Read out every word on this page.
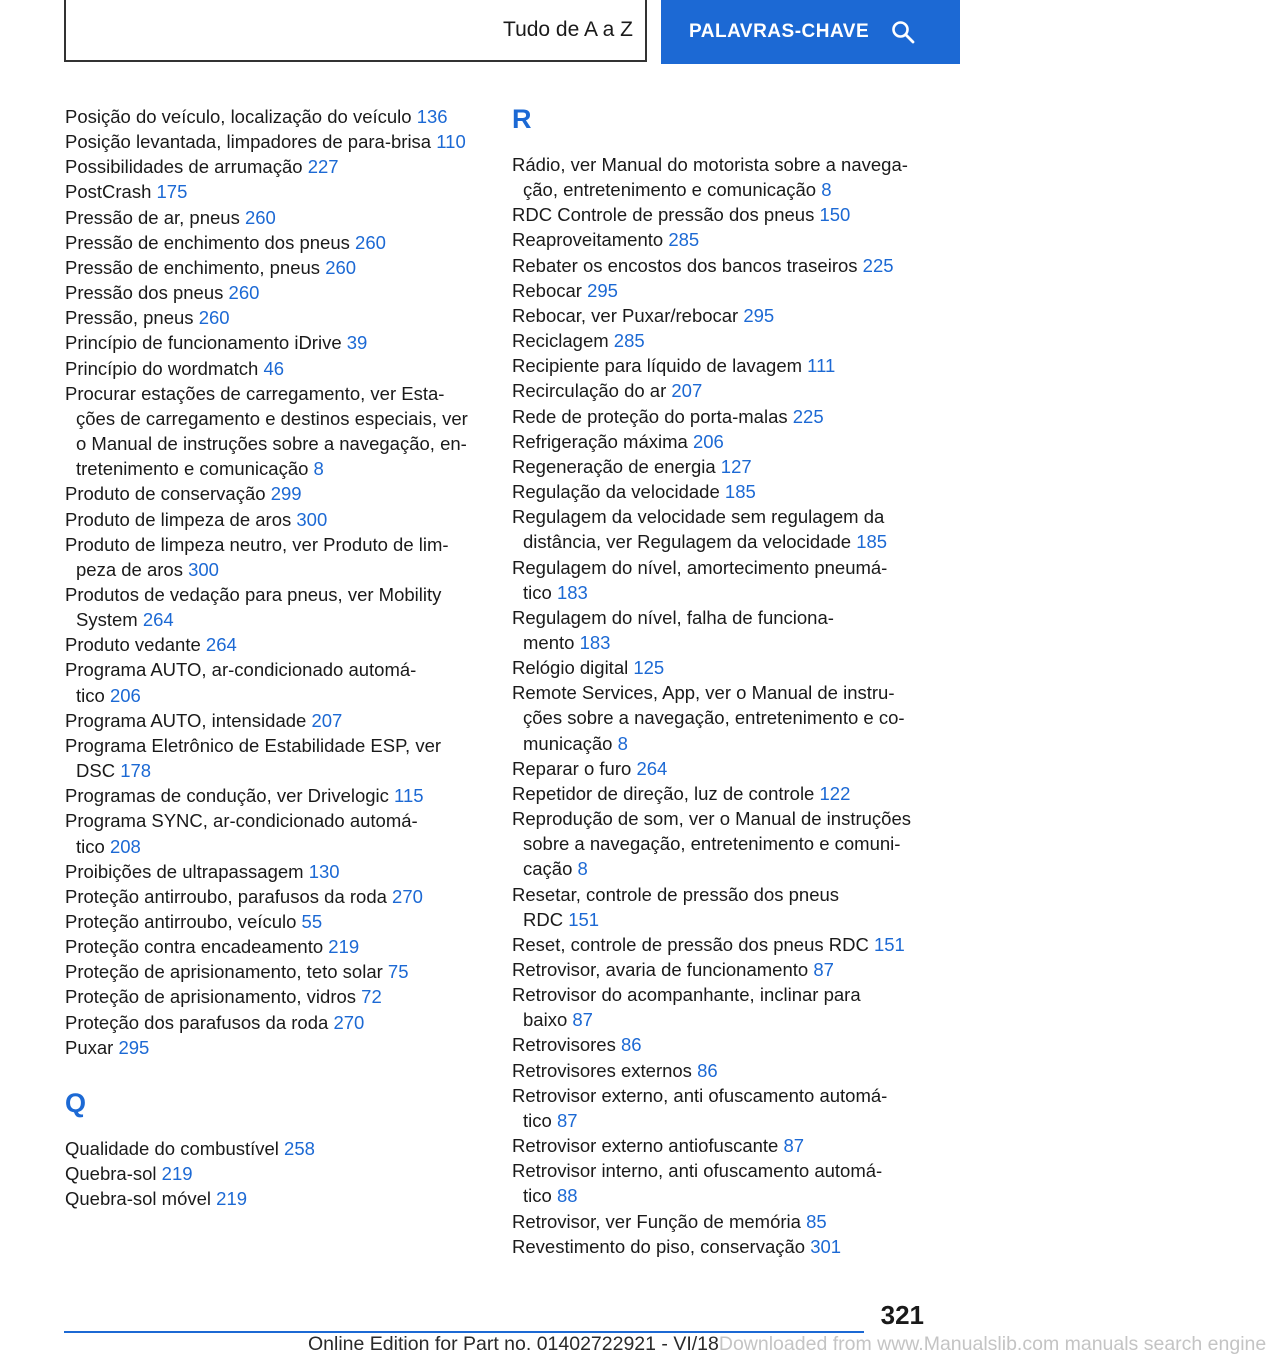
Tudo de A a Z	PALAVRAS-CHAVE

Posição do veículo, localização do veículo 136

Posição levantada, limpadores de para-brisa 110

Possibilidades de arrumação 227

PostCrash 175

Pressão de ar, pneus 260

Pressão de enchimento dos pneus 260

Pressão de enchimento, pneus 260

Pressão dos pneus 260

Pressão, pneus 260

Princípio de funcionamento iDrive 39

Princípio do wordmatch 46

Procurar estações de carregamento, ver Esta-
ções de carregamento e destinos especiais, ver
o Manual de instruções sobre a navegação, en-
tretenimento e comunicação 8

Produto de conservação 299

Produto de limpeza de aros 300

Produto de limpeza neutro, ver Produto de lim-
peza de aros 300

Produtos de vedação para pneus, ver Mobility
System 264

Produto vedante 264

Programa AUTO, ar-condicionado automá-
tico 206

Programa AUTO, intensidade 207

Programa Eletrônico de Estabilidade ESP, ver
DSC 178

Programas de condução, ver Drivelogic 115

Programa SYNC, ar-condicionado automá-
tico 208

Proibições de ultrapassagem 130

Proteção antirroubo, parafusos da roda 270

Proteção antirroubo, veículo 55

Proteção contra encadeamento 219

Proteção de aprisionamento, teto solar 75

Proteção de aprisionamento, vidros 72

Proteção dos parafusos da roda 270

Puxar 295

Q

Qualidade do combustível 258

Quebra-sol 219

Quebra-sol móvel 219

R

Rádio, ver Manual do motorista sobre a navega-
ção, entretenimento e comunicação 8

RDC Controle de pressão dos pneus 150

Reaproveitamento 285

Rebater os encostos dos bancos traseiros 225

Rebocar 295

Rebocar, ver Puxar/rebocar 295

Reciclagem 285

Recipiente para líquido de lavagem 111

Recirculação do ar 207

Rede de proteção do porta-malas 225

Refrigeração máxima 206

Regeneração de energia 127

Regulação da velocidade 185

Regulagem da velocidade sem regulagem da
distância, ver Regulagem da velocidade 185

Regulagem do nível, amortecimento pneumá-
tico 183

Regulagem do nível, falha de funciona-
mento 183

Relógio digital 125

Remote Services, App, ver o Manual de instru-
ções sobre a navegação, entretenimento e co-
municação 8

Reparar o furo 264

Repetidor de direção, luz de controle 122

Reprodução de som, ver o Manual de instruções
sobre a navegação, entretenimento e comuni-
cação 8

Resetar, controle de pressão dos pneus
RDC 151

Reset, controle de pressão dos pneus RDC 151

Retrovisor, avaria de funcionamento 87

Retrovisor do acompanhante, inclinar para
baixo 87

Retrovisores 86

Retrovisores externos 86

Retrovisor externo, anti ofuscamento automá-
tico 87

Retrovisor externo antiofuscante 87

Retrovisor interno, anti ofuscamento automá-
tico 88

Retrovisor, ver Função de memória 85

Revestimento do piso, conservação 301

321
Online Edition for Part no. 01402722921 - VI/18Downloaded from www.Manualslib.com manuals search engine
